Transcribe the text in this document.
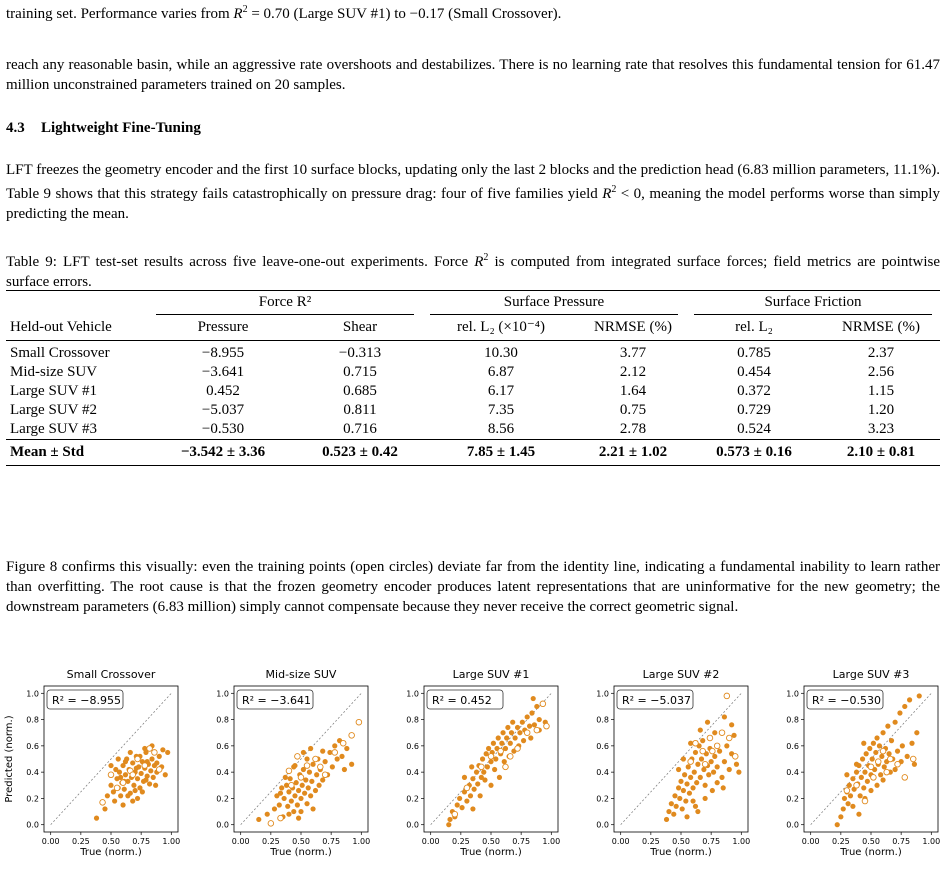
training set. Performance varies from $R^2 = 0.70$ (Large SUV #1) to −0.17 (Small Crossover).

reach any reasonable basin, while an aggressive rate overshoots and destabilizes. There is no learning rate that resolves this fundamental tension for 61.47 million unconstrained parameters trained on 20 samples.

4.3 Lightweight Fine-Tuning

LFT freezes the geometry encoder and the first 10 surface blocks, updating only the last 2 blocks and the prediction head (6.83 million parameters, 11.1%). Table 9 shows that this strategy fails catastrophically on pressure drag: four of five families yield $R^2 < 0$, meaning the model performs worse than simply predicting the mean.

Table 9: LFT test-set results across five leave-one-out experiments. Force $R^2$ is computed from integrated surface forces; field metrics are pointwise surface errors.

	Force R²		Surface Pressure		Surface Friction	

Held-out Vehicle	Pressure	Shear	rel. L₂ (×10⁻⁴)	NRMSE (%)	rel. L₂	NRMSE (%)
Small Crossover	−8.955	−0.313	10.30	3.77	0.785	2.37
Mid-size SUV	−3.641	0.715	6.87	2.12	0.454	2.56
Large SUV #1	0.452	0.685	6.17	1.64	0.372	1.15
Large SUV #2	−5.037	0.811	7.35	0.75	0.729	1.20
Large SUV #3	−0.530	0.716	8.56	2.78	0.524	3.23
Mean ± Std	−3.542 ± 3.36	0.523 ± 0.42	7.85 ± 1.45	2.21 ± 1.02	0.573 ± 0.16	2.10 ± 0.81

Figure 8 confirms this visually: even the training points (open circles) deviate far from the identity line, indicating a fundamental inability to learn rather than overfitting. The root cause is that the frozen geometry encoder produces latent representations that are uninformative for the new geometry; the downstream parameters (6.83 million) simply cannot compensate because they never receive the correct geometric signal.

Small Crossover
0.00 0.25 0.50 0.75 1.00
0.0
0.2
0.4
0.6
0.8
1.0
True (norm.)
Predicted (norm.)
R² = −8.955
Mid-size SUV
0.00 0.25 0.50 0.75 1.00
0.0
0.2
0.4
0.6
0.8
1.0
True (norm.)
R² = −3.641
Large SUV #1
0.00 0.25 0.50 0.75 1.00
0.0
0.2
0.4
0.6
0.8
1.0
True (norm.)
R² = 0.452
Large SUV #2
0.00 0.25 0.50 0.75 1.00
0.0
0.2
0.4
0.6
0.8
1.0
True (norm.)
R² = −5.037
Large SUV #3
0.00 0.25 0.50 0.75 1.00
0.0
0.2
0.4
0.6
0.8
1.0
True (norm.)
R² = −0.530
